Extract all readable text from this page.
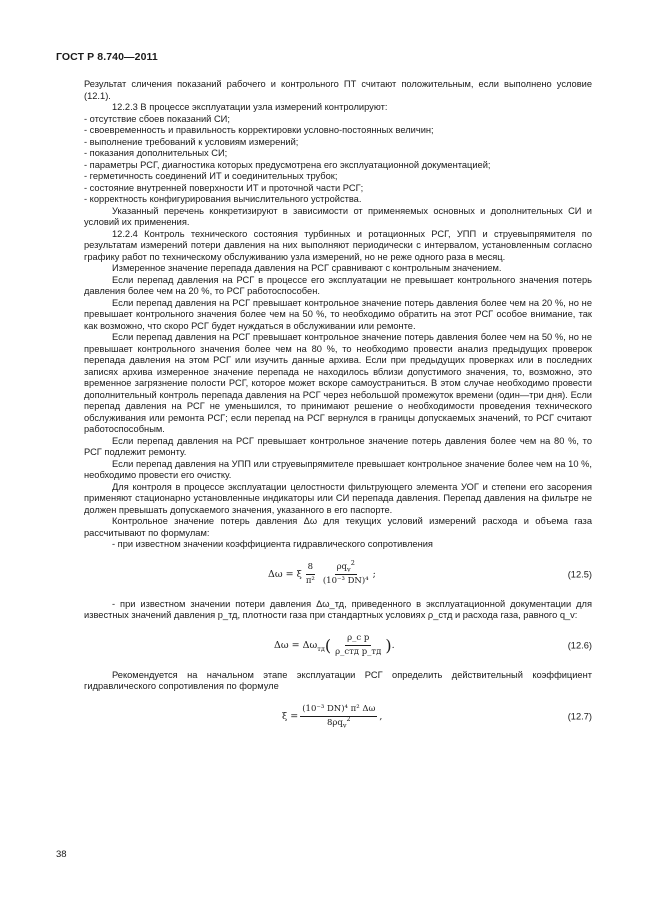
ГОСТ Р 8.740—2011

Результат сличения показаний рабочего и контрольного ПТ считают положительным, если выполнено условие (12.1).

12.2.3 В процессе эксплуатации узла измерений контролируют:

- отсутствие сбоев показаний СИ;

- своевременность и правильность корректировки условно-постоянных величин;

- выполнение требований к условиям измерений;

- показания дополнительных СИ;

- параметры РСГ, диагностика которых предусмотрена его эксплуатационной документацией;

- герметичность соединений ИТ и соединительных трубок;

- состояние внутренней поверхности ИТ и проточной части РСГ;

- корректность конфигурирования вычислительного устройства.

Указанный перечень конкретизируют в зависимости от применяемых основных и дополнительных СИ и условий их применения.

12.2.4 Контроль технического состояния турбинных и ротационных РСГ, УПП и струевыпрямителя по результатам измерений потери давления на них выполняют периодически с интервалом, установленным согласно графику работ по техническому обслуживанию узла измерений, но не реже одного раза в месяц.

Измеренное значение перепада давления на РСГ сравнивают с контрольным значением.

Если перепад давления на РСГ в процессе его эксплуатации не превышает контрольного значения потерь давления более чем на 20 %, то РСГ работоспособен.

Если перепад давления на РСГ превышает контрольное значение потерь давления более чем на 20 %, но не превышает контрольного значения более чем на 50 %, то необходимо обратить на этот РСГ особое внимание, так как возможно, что скоро РСГ будет нуждаться в обслуживании или ремонте.

Если перепад давления на РСГ превышает контрольное значение потерь давления более чем на 50 %, но не превышает контрольного значения более чем на 80 %, то необходимо провести анализ предыдущих проверок перепада давления на этом РСГ или изучить данные архива. Если при предыдущих проверках или в последних записях архива измеренное значение перепада не находилось вблизи допустимого значения, то, возможно, это временное загрязнение полости РСГ, которое может вскоре самоустраниться. В этом случае необходимо провести дополнительный контроль перепада давления на РСГ через небольшой промежуток времени (один—три дня). Если перепад давления на РСГ не уменьшился, то принимают решение о необходимости проведения технического обслуживания или ремонта РСГ; если перепад на РСГ вернулся в границы допускаемых значений, то РСГ считают работоспособным.

Если перепад давления на РСГ превышает контрольное значение потерь давления более чем на 80 %, то РСГ подлежит ремонту.

Если перепад давления на УПП или струевыпрямителе превышает контрольное значение более чем на 10 %, необходимо провести его очистку.

Для контроля в процессе эксплуатации целостности фильтрующего элемента УОГ и степени его засорения применяют стационарно установленные индикаторы или СИ перепада давления. Перепад давления на фильтре не должен превышать допускаемого значения, указанного в его паспорте.

Контрольное значение потерь давления Δω для текущих условий измерений расхода и объема газа рассчитывают по формулам:

- при известном значении коэффициента гидравлического сопротивления

Δω = ξ $\frac{8}{\text{π²}} \frac{\rho q_v^2}{\text{(10⁻³ DN)⁴}}$ ;	(12.5)

- при известном значении потери давления Δω_тд, приведенного в эксплуатационной документации для известных значений давления p_тд, плотности газа при стандартных условиях ρ_стд и расхода газа, равного q_v:

$\Delta\omega = \Delta\omega_{тд}$ ( $\frac{\text{ρ\_с p}}{\text{ρ\_стд p\_тд}}$ ) .	(12.6)

Рекомендуется на начальном этапе эксплуатации РСГ определить действительный коэффициент гидравлического сопротивления по формуле

$\xi = \frac{\text{(10⁻³ DN)⁴ π² Δω}}{8\rho q_v^2}$ ,	(12.7)
38
